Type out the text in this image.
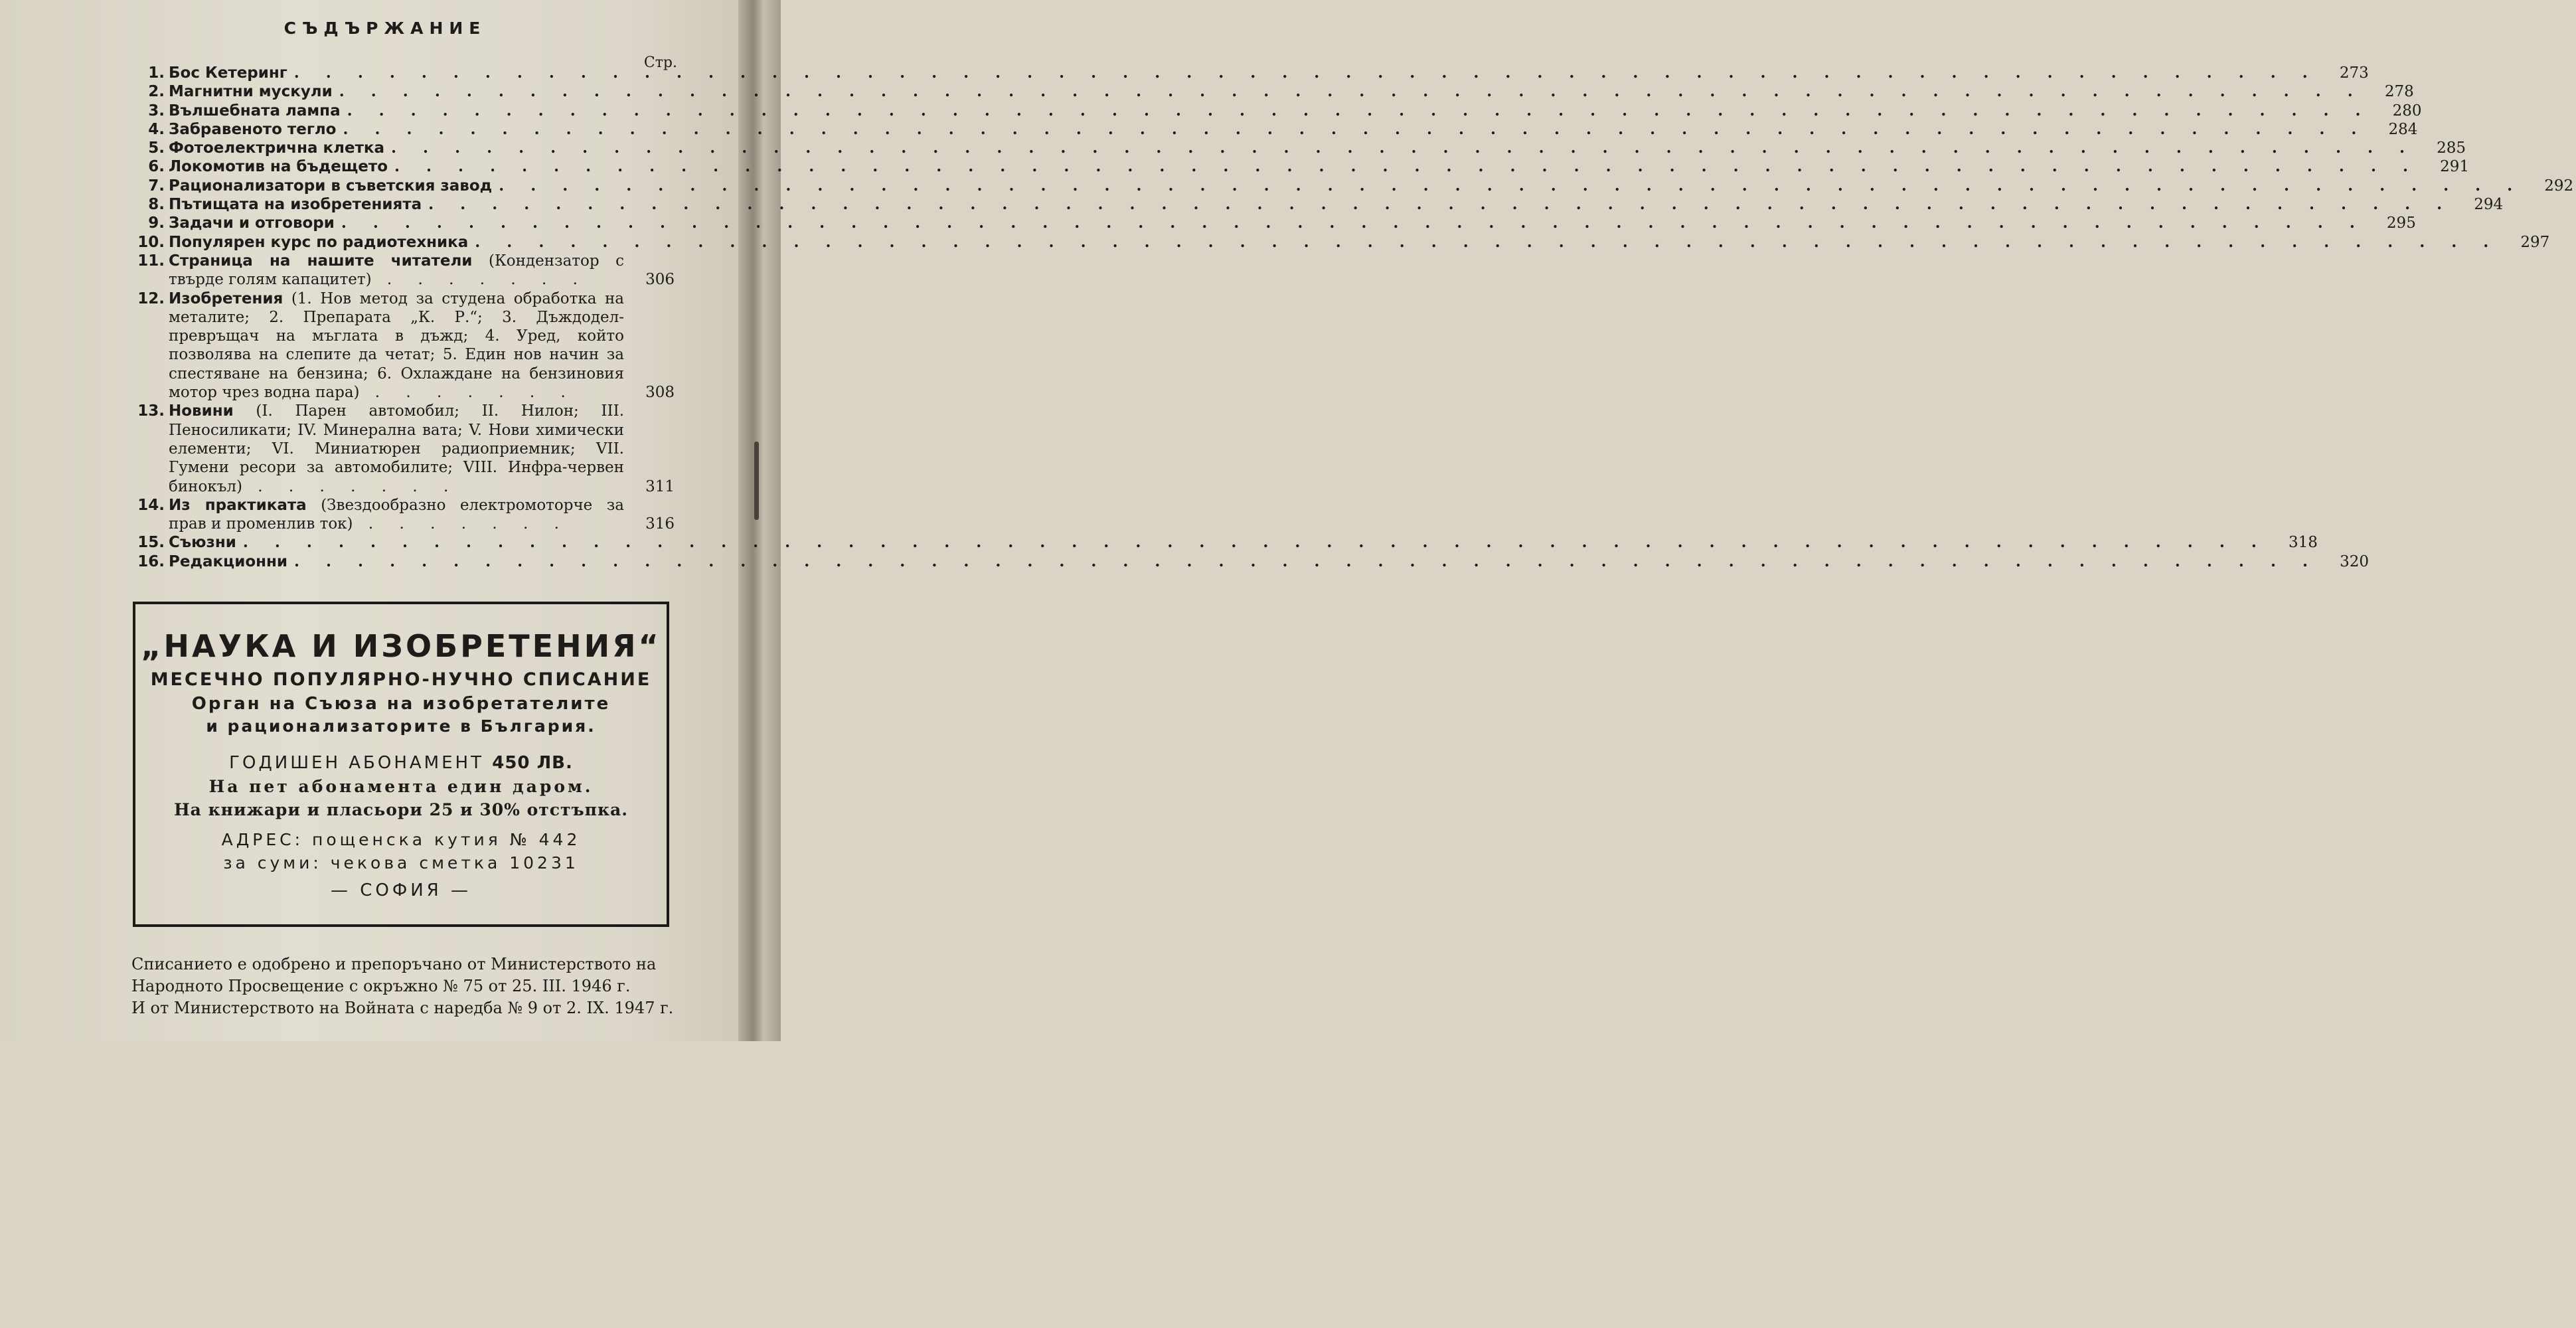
СЪДЪРЖАНИЕ
Стр.
1. Бос Кетеринг . . .	273
2. Магнитни мускули . . .	278
3. Вълшебната лампа . . .	280
4. Забравеното тегло . . .	284
5. Фотоелектрична клетка . . .	285
6. Локомотив на бъдещето . . .	291
7. Рационализатори в съветския завод . . .	292
8. Пътищата на изобретенията . . .	294
9. Задачи и отговори . . .	295
10. Популярен курс по радиотехника . . .	297
11. Страница на нашите читатели (Кондензатор с твърде голям капацитет) . . . . . . .	306
12. Изобретения (1. Нов метод за студена обработка на металите; 2. Препарата „К. Р.“; 3. Дъждодел-превръщач на мъглата в дъжд; 4. Уред, който позволява на слепите да четат; 5. Един нов начин за спестяване на бензина; 6. Охлаждане на бензиновия мотор чрез водна пара) . . . . . . .	308
13. Новини (I. Парен автомобил; II. Нилон; III. Пеносиликати; IV. Минерална вата; V. Нови химически елементи; VI. Миниатюрен радиоприемник; VII. Гумени ресори за автомобилите; VIII. Инфра-червен бинокъл) . . . . . . .	311
14. Из практиката (Звездообразно електромоторче за прав и променлив ток) . . . . . . .	316
15. Съюзни . . .	318
16. Редакционни . . .	320
„НАУКА И ИЗОБРЕТЕНИЯ“
МЕСЕЧНО ПОПУЛЯРНО-НУЧНО СПИСАНИЕ
Орган на Съюза на изобретателите
и рационализаторите в България.
ГОДИШЕН АБОНАМЕНТ 450 ЛВ.
На пет абонамента един даром.
На книжари и пласьори 25 и 30% отстъпка.
АДРЕС: пощенска кутия № 442
за суми: чекова сметка 10231
— СОФИЯ —
Списанието е одобрено и препоръчано от Министерството на
Народното Просвещение с окръжно № 75 от 25. III. 1946 г.
И от Министерството на Войната с наредба № 9 от 2. IX. 1947 г.
